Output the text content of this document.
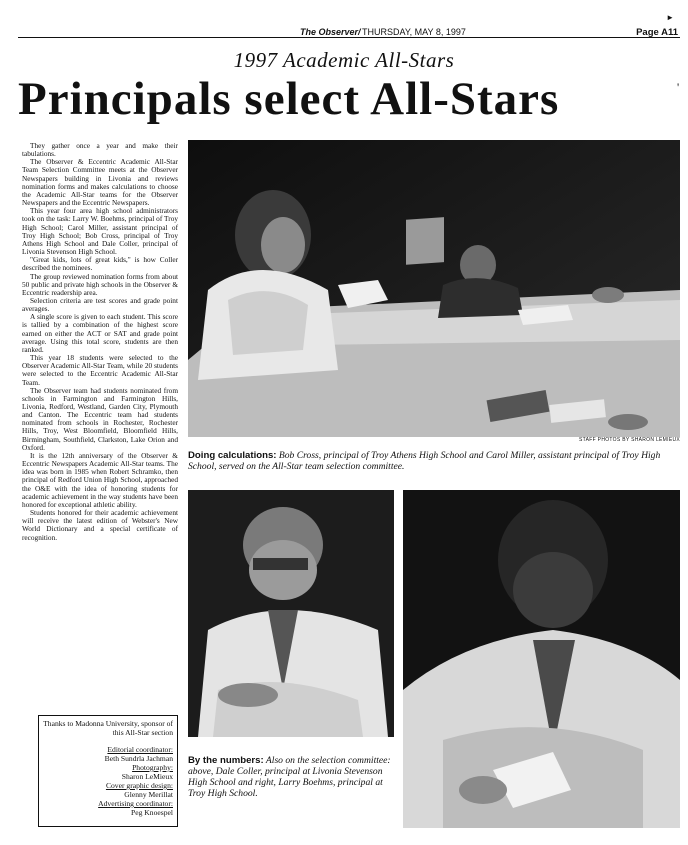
►
The Observer/ THURSDAY, MAY 8, 1997	Page A11
1997 Academic All-Stars
Principals select All-Stars	'

They gather once a year and make their tabulations.

The Observer & Eccentric Academic All-Star Team Selection Committee meets at the Observer Newspapers building in Livonia and reviews nomination forms and makes calculations to choose the Academic All-Star teams for the Observer Newspapers and the Eccentric Newspapers.

This year four area high school administrators took on the task: Larry W. Boehms, principal of Troy High School; Carol Miller, assistant principal of Troy High School; Bob Cross, principal of Troy Athens High School and Dale Coller, principal of Livonia Stevenson High School.

"Great kids, lots of great kids," is how Coller described the nominees.

The group reviewed nomination forms from about 50 public and private high schools in the Observer & Eccentric readership area.

Selection criteria are test scores and grade point averages.

A single score is given to each student. This score is tallied by a combination of the highest score earned on either the ACT or SAT and grade point average. Using this total score, students are then ranked.

This year 18 students were selected to the Observer Academic All-Star Team, while 20 students were selected to the Eccentric Academic All-Star Team.

The Observer team had students nominated from schools in Farmington and Farmington Hills, Livonia, Redford, Westland, Garden City, Plymouth and Canton. The Eccentric team had students nominated from schools in Rochester, Rochester Hills, Troy, West Bloomfield, Bloomfield Hills, Birmingham, Southfield, Clarkston, Lake Orion and Oxford.

It is the 12th anniversary of the Observer & Eccentric Newspapers Academic All-Star teams. The idea was born in 1985 when Robert Schramko, then principal of Redford Union High School, approached the O&E with the idea of honoring students for academic achievement in the way students have been honored for exceptional athletic ability.

Students honored for their academic achievement will receive the latest edition of Webster's New World Dictionary and a special certificate of recognition.

Thanks to Madonna University, sponsor of this All-Star section
Editorial coordinator:
Beth Sundrla Jachman
Photography:
Sharon LeMieux
Cover graphic design:
Glenny Merillat
Advertising coordinator:
Peg Knoespel
STAFF PHOTOS BY SHARON LEMIEUX
Doing calculations: Bob Cross, principal of Troy Athens High School and Carol Miller, assistant principal of Troy High School, served on the All-Star team selection committee.
By the numbers: Also on the selection committee: above, Dale Coller, principal at Livonia Stevenson High School and right, Larry Boehms, principal at Troy High School.
